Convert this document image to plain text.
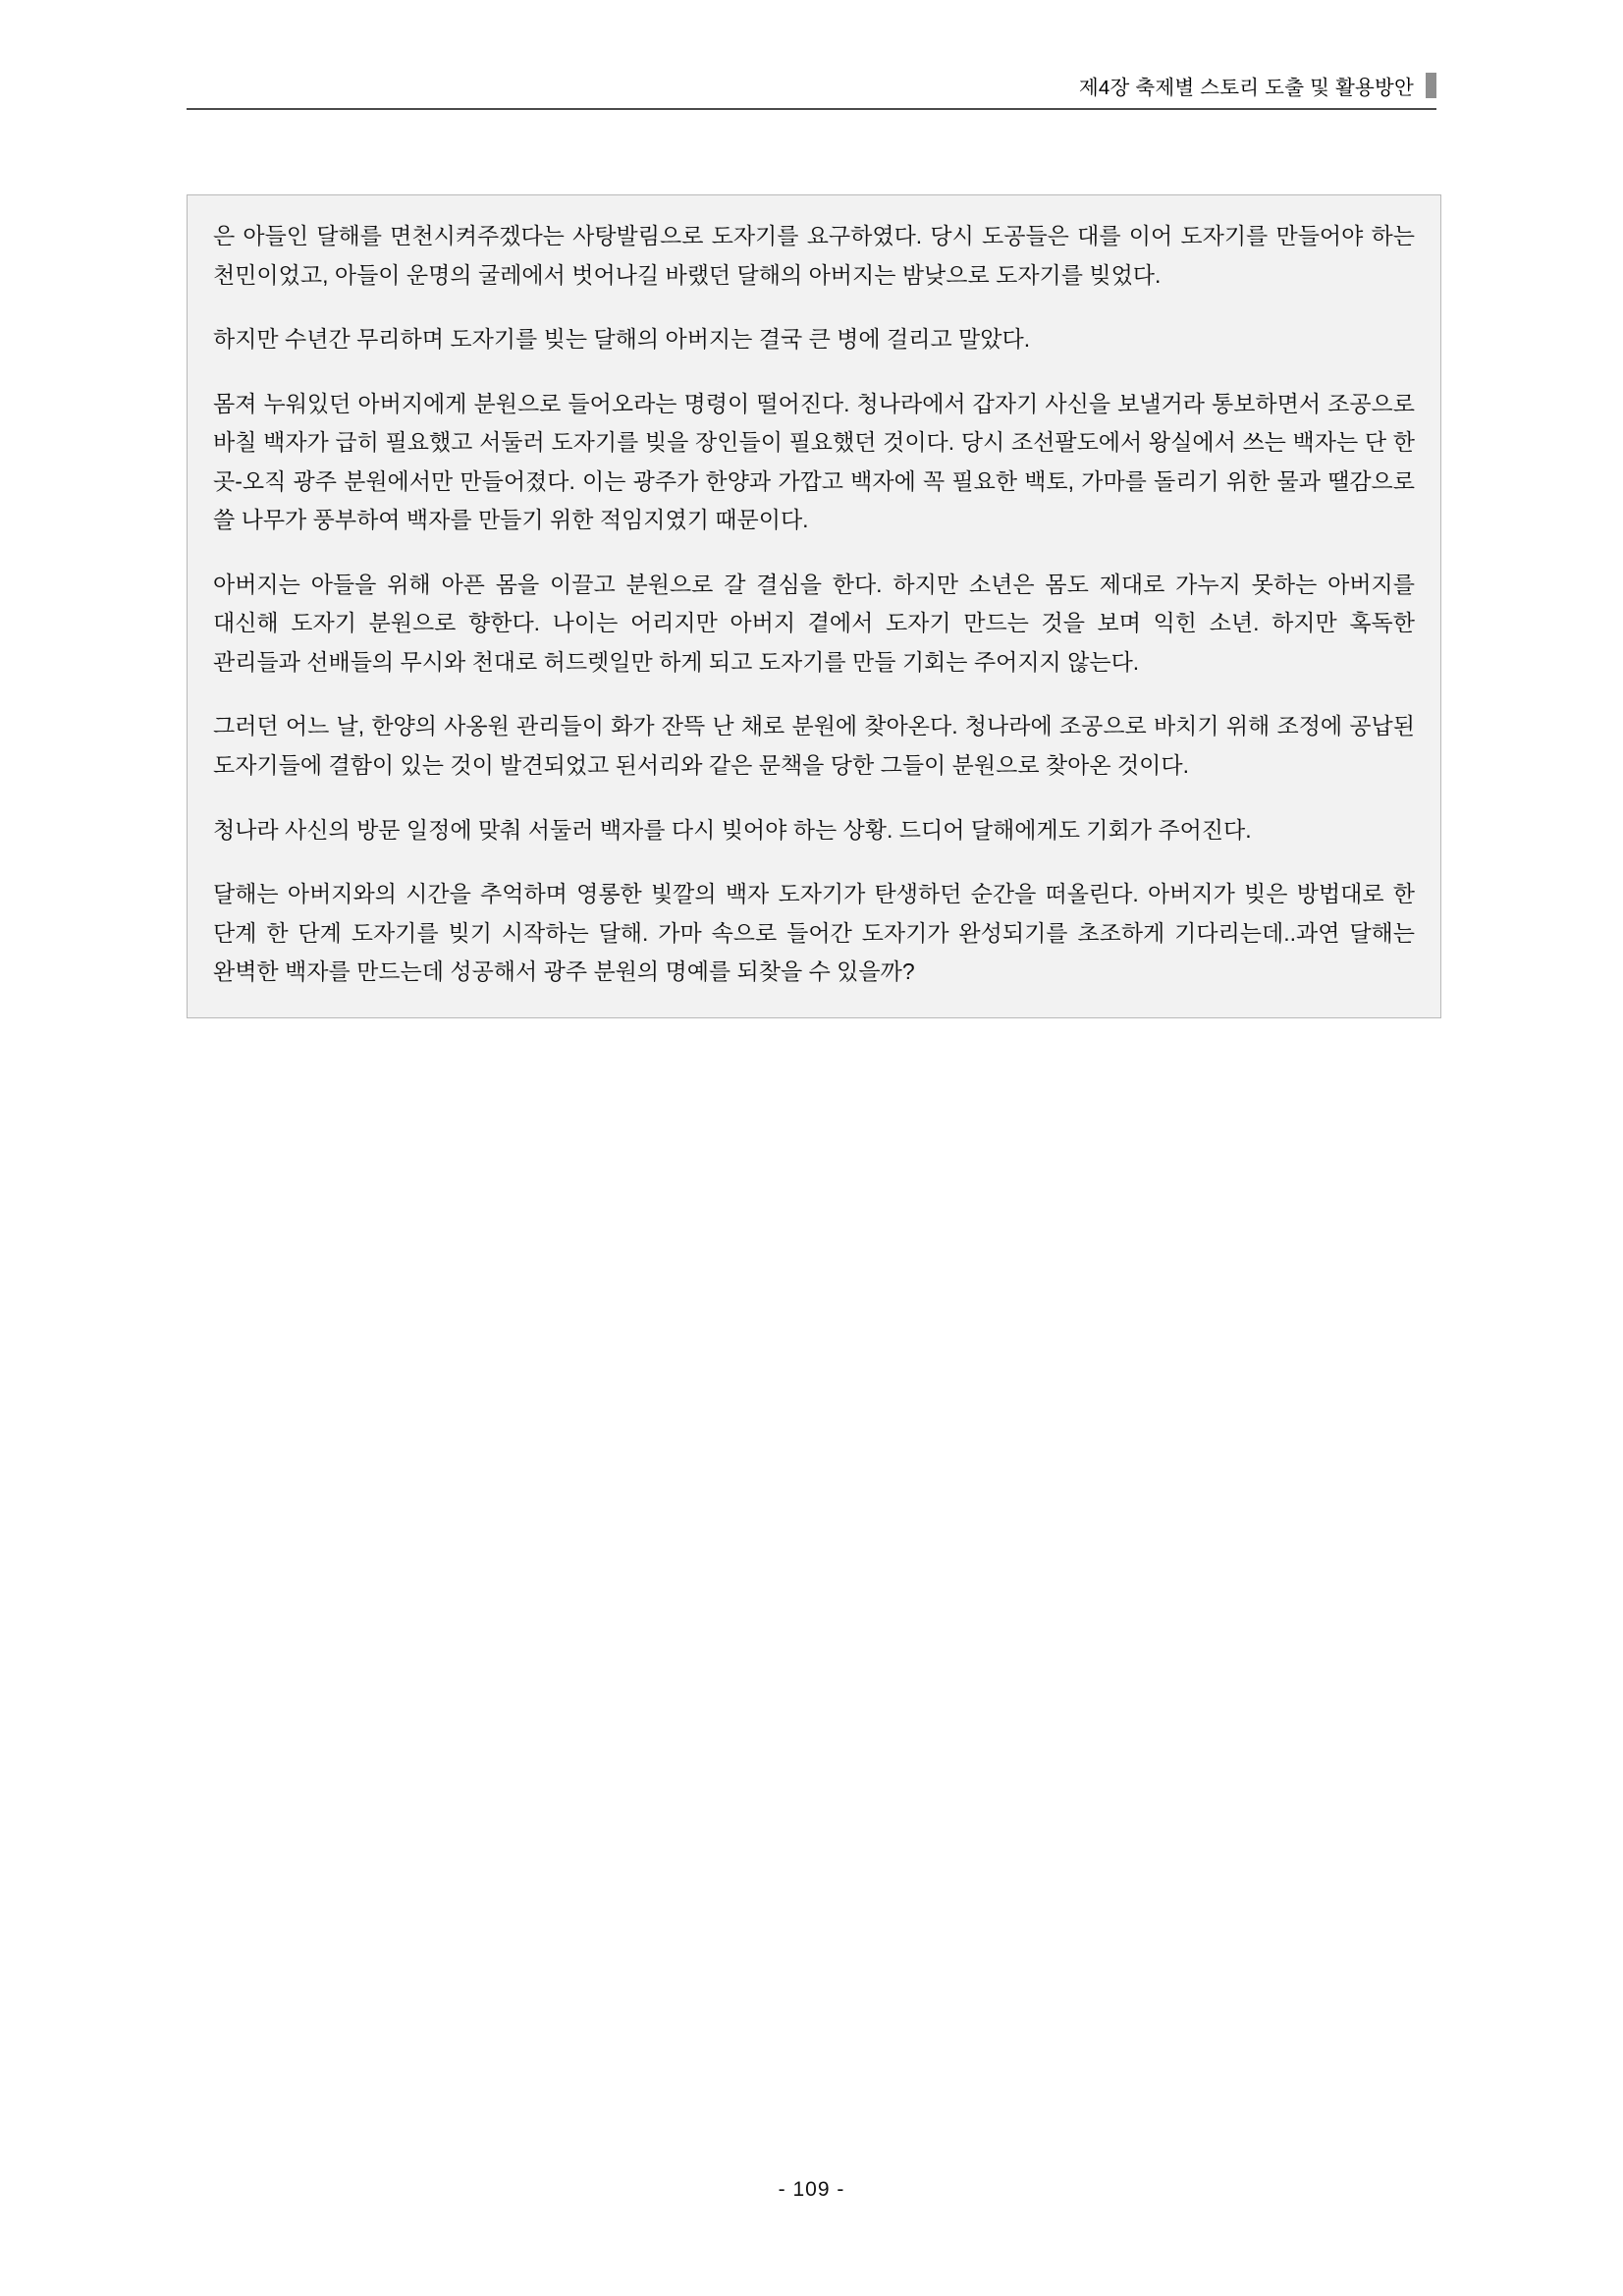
제4장 축제별 스토리 도출 및 활용방안

은 아들인 달해를 면천시켜주겠다는 사탕발림으로 도자기를 요구하였다. 당시 도공들은 대를 이어 도자기를 만들어야 하는 천민이었고, 아들이 운명의 굴레에서 벗어나길 바랬던 달해의 아버지는 밤낮으로 도자기를 빚었다.

하지만 수년간 무리하며 도자기를 빚는 달해의 아버지는 결국 큰 병에 걸리고 말았다.

몸져 누워있던 아버지에게 분원으로 들어오라는 명령이 떨어진다. 청나라에서 갑자기 사신을 보낼거라 통보하면서 조공으로 바칠 백자가 급히 필요했고 서둘러 도자기를 빚을 장인들이 필요했던 것이다. 당시 조선팔도에서 왕실에서 쓰는 백자는 단 한 곳-오직 광주 분원에서만 만들어졌다. 이는 광주가 한양과 가깝고 백자에 꼭 필요한 백토, 가마를 돌리기 위한 물과 땔감으로 쓸 나무가 풍부하여 백자를 만들기 위한 적임지였기 때문이다.

아버지는 아들을 위해 아픈 몸을 이끌고 분원으로 갈 결심을 한다. 하지만 소년은 몸도 제대로 가누지 못하는 아버지를 대신해 도자기 분원으로 향한다. 나이는 어리지만 아버지 곁에서 도자기 만드는 것을 보며 익힌 소년. 하지만 혹독한 관리들과 선배들의 무시와 천대로 허드렛일만 하게 되고 도자기를 만들 기회는 주어지지 않는다.

그러던 어느 날, 한양의 사옹원 관리들이 화가 잔뜩 난 채로 분원에 찾아온다. 청나라에 조공으로 바치기 위해 조정에 공납된 도자기들에 결함이 있는 것이 발견되었고 된서리와 같은 문책을 당한 그들이 분원으로 찾아온 것이다.

청나라 사신의 방문 일정에 맞춰 서둘러 백자를 다시 빚어야 하는 상황. 드디어 달해에게도 기회가 주어진다.

달해는 아버지와의 시간을 추억하며 영롱한 빛깔의 백자 도자기가 탄생하던 순간을 떠올린다. 아버지가 빚은 방법대로 한 단계 한 단계 도자기를 빚기 시작하는 달해. 가마 속으로 들어간 도자기가 완성되기를 초조하게 기다리는데..과연 달해는 완벽한 백자를 만드는데 성공해서 광주 분원의 명예를 되찾을 수 있을까?

- 109 -
